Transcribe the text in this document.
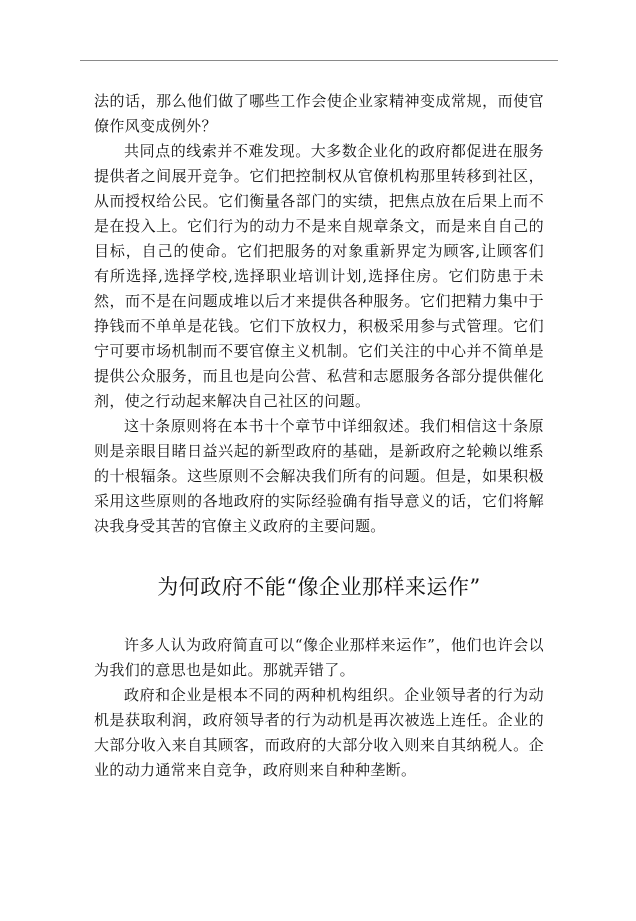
法的话，那么他们做了哪些工作会使企业家精神变成常规，而使官僚作风变成例外？

共同点的线索并不难发现。大多数企业化的政府都促进在服务提供者之间展开竞争。它们把控制权从官僚机构那里转移到社区，从而授权给公民。它们衡量各部门的实绩，把焦点放在后果上而不是在投入上。它们行为的动力不是来自规章条文，而是来自自己的目标，自己的使命。它们把服务的对象重新界定为顾客,让顾客们有所选择,选择学校,选择职业培训计划,选择住房。它们防患于未然，而不是在问题成堆以后才来提供各种服务。它们把精力集中于挣钱而不单单是花钱。它们下放权力，积极采用参与式管理。它们宁可要市场机制而不要官僚主义机制。它们关注的中心并不简单是提供公众服务，而且也是向公营、私营和志愿服务各部分提供催化剂，使之行动起来解决自己社区的问题。

这十条原则将在本书十个章节中详细叙述。我们相信这十条原则是亲眼目睹日益兴起的新型政府的基础，是新政府之轮赖以维系的十根辐条。这些原则不会解决我们所有的问题。但是，如果积极采用这些原则的各地政府的实际经验确有指导意义的话，它们将解决我身受其苦的官僚主义政府的主要问题。

为何政府不能“像企业那样来运作”

许多人认为政府简直可以“像企业那样来运作”，他们也许会以为我们的意思也是如此。那就弄错了。

政府和企业是根本不同的两种机构组织。企业领导者的行为动机是获取利润，政府领导者的行为动机是再次被选上连任。企业的大部分收入来自其顾客，而政府的大部分收入则来自其纳税人。企业的动力通常来自竞争，政府则来自种种垄断。
